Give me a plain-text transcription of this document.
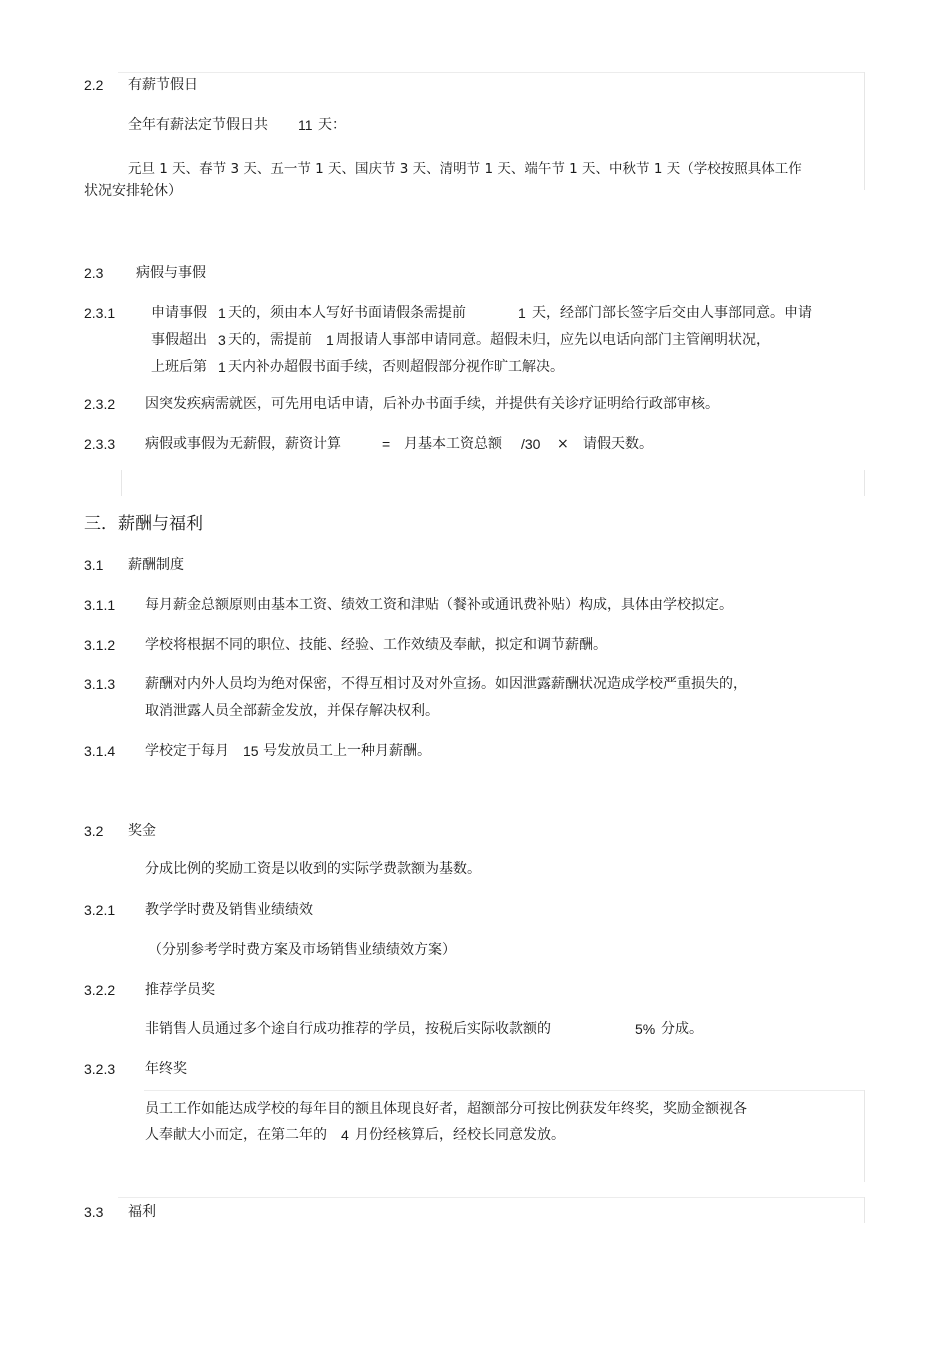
2.2 有薪节假日
全年有薪法定节假日共 11 天：
元旦 1 天、春节 3 天、五一节 1 天、国庆节 3 天、清明节 1 天、端午节 1 天、中秋节 1 天（学校按照具体工作
状况安排轮休）
2.3 病假与事假
2.3.1	申请事假 1 天的，须由本人写好书面请假条需提前	1 天，经部门部长签字后交由人事部同意。申请
事假超出 3 天的，需提前 1 周报请人事部申请同意。超假未归，应先以电话向部门主管阐明状况，
上班后第 1 天内补办超假书面手续，否则超假部分视作旷工解决。
2.3.2 因突发疾病需就医，可先用电话申请，后补办书面手续，并提供有关诊疗证明给行政部审核。
2.3.3 病假或事假为无薪假，薪资计算	= 月基本工资总额 /30 × 请假天数。
三．薪酬与福利
3.1 薪酬制度
3.1.1 每月薪金总额原则由基本工资、绩效工资和津贴（餐补或通讯费补贴）构成，具体由学校拟定。
3.1.2 学校将根据不同的职位、技能、经验、工作效绩及奉献，拟定和调节薪酬。
3.1.3 薪酬对内外人员均为绝对保密，不得互相讨及对外宣扬。如因泄露薪酬状况造成学校严重损失的，
取消泄露人员全部薪金发放，并保存解决权利。
3.1.4 学校定于每月 15 号发放员工上一种月薪酬。
3.2 奖金
分成比例的奖励工资是以收到的实际学费款额为基数。
3.2.1 教学学时费及销售业绩绩效
（分别参考学时费方案及市场销售业绩绩效方案）
3.2.2 推荐学员奖
非销售人员通过多个途自行成功推荐的学员，按税后实际收款额的	5% 分成。
3.2.3 年终奖
员工工作如能达成学校的每年目的额且体现良好者，超额部分可按比例获发年终奖，奖励金额视各
人奉献大小而定，在第二年的 4 月份经核算后，经校长同意发放。
3.3 福利
